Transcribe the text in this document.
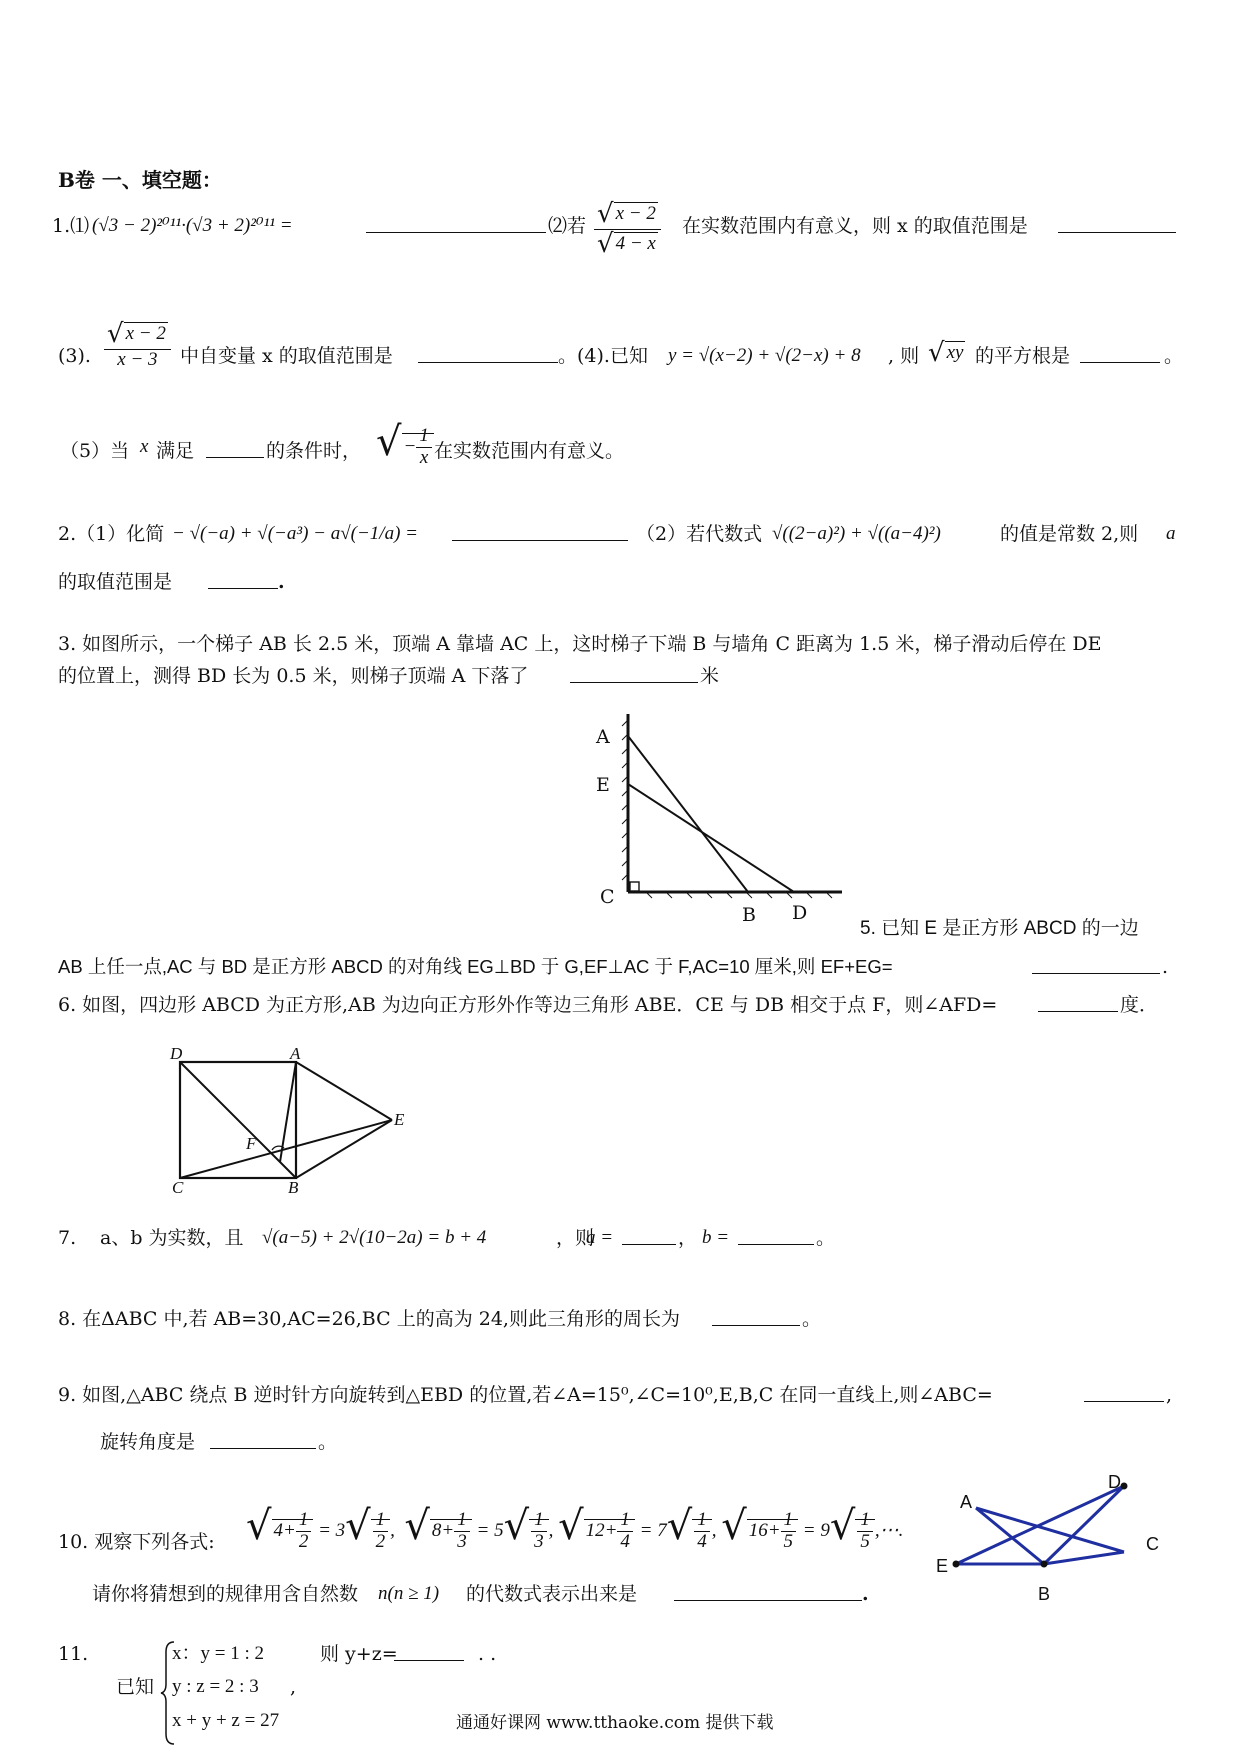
B卷 一、填空题：
1.⑴ (√3 − 2)²⁰¹¹·(√3 + 2)²⁰¹¹ =	⑵若 $\frac{√ x - 2}{√ 4 - x}$ 在实数范围内有意义，则 x 的取值范围是
(3). $\frac{√ x - 2}{x - 3}$ 中自变量 x 的取值范围是	。(4).已知 y = √(x−2) + √(2−x) + 8 , 则 √ xy 的平方根是	。
（5）当 x 满足	的条件时， √ − $\frac{1}{x}$ 在实数范围内有意义。
2.（1）化简 − √(−a) + √(−a³) − a√(−1/a) =	（2）若代数式 √((2−a)²) + √((a−4)²)	的值是常数 2,则 a
的取值范围是	.
3. 如图所示，一个梯子 AB 长 2.5 米，顶端 A 靠墙 AC 上，这时梯子下端 B 与墙角 C 距离为 1.5 米，梯子滑动后停在 DE
的位置上，测得 BD 长为 0.5 米，则梯子顶端 A 下落了	米
A
E
C
B D
5. 已知 E 是正方形 ABCD 的一边
AB 上任一点,AC 与 BD 是正方形 ABCD 的对角线 EG⊥BD 于 G,EF⊥AC 于 F,AC=10 厘米,则 EF+EG=	.
6. 如图，四边形 ABCD 为正方形,AB 为边向正方形外作等边三角形 ABE．CE 与 DB 相交于点 F，则∠AFD=	度．
D	A
E
F
C	B
7. a、b 为实数，且 √(a−5) + 2√(10−2a) = b + 4	，则
a =	， b =	。
8. 在ΔABC 中,若 AB=30,AC=26,BC 上的高为 24,则此三角形的周长为	。
9. 如图,△ABC 绕点 B 逆时针方向旋转到△EBD 的位置,若∠A=15⁰,∠C=10⁰,E,B,C 在同一直线上,则∠ABC=	,
旋转角度是	。
A
D
C
E
B
10. 观察下列各式: √ $4+ \frac{1}{2} = 3√ \frac{1}{2}$ ,  √ $8+ \frac{1}{3} = 5√ \frac{1}{3}$ , √ $12+ \frac{1}{4} = 7√ \frac{1}{4}$ , √ $16+ \frac{1}{5} = 9√ \frac{1}{5}$ ,⋯.
请你将猜想到的规律用含自然数 n(n ≥ 1) 的代数式表示出来是	.
11.
已知
x：y = 1 : 2
y : z = 2 : 3 ,
x + y + z = 27
则 y+z=	. .
通通好课网 www.tthaoke.com 提供下载
